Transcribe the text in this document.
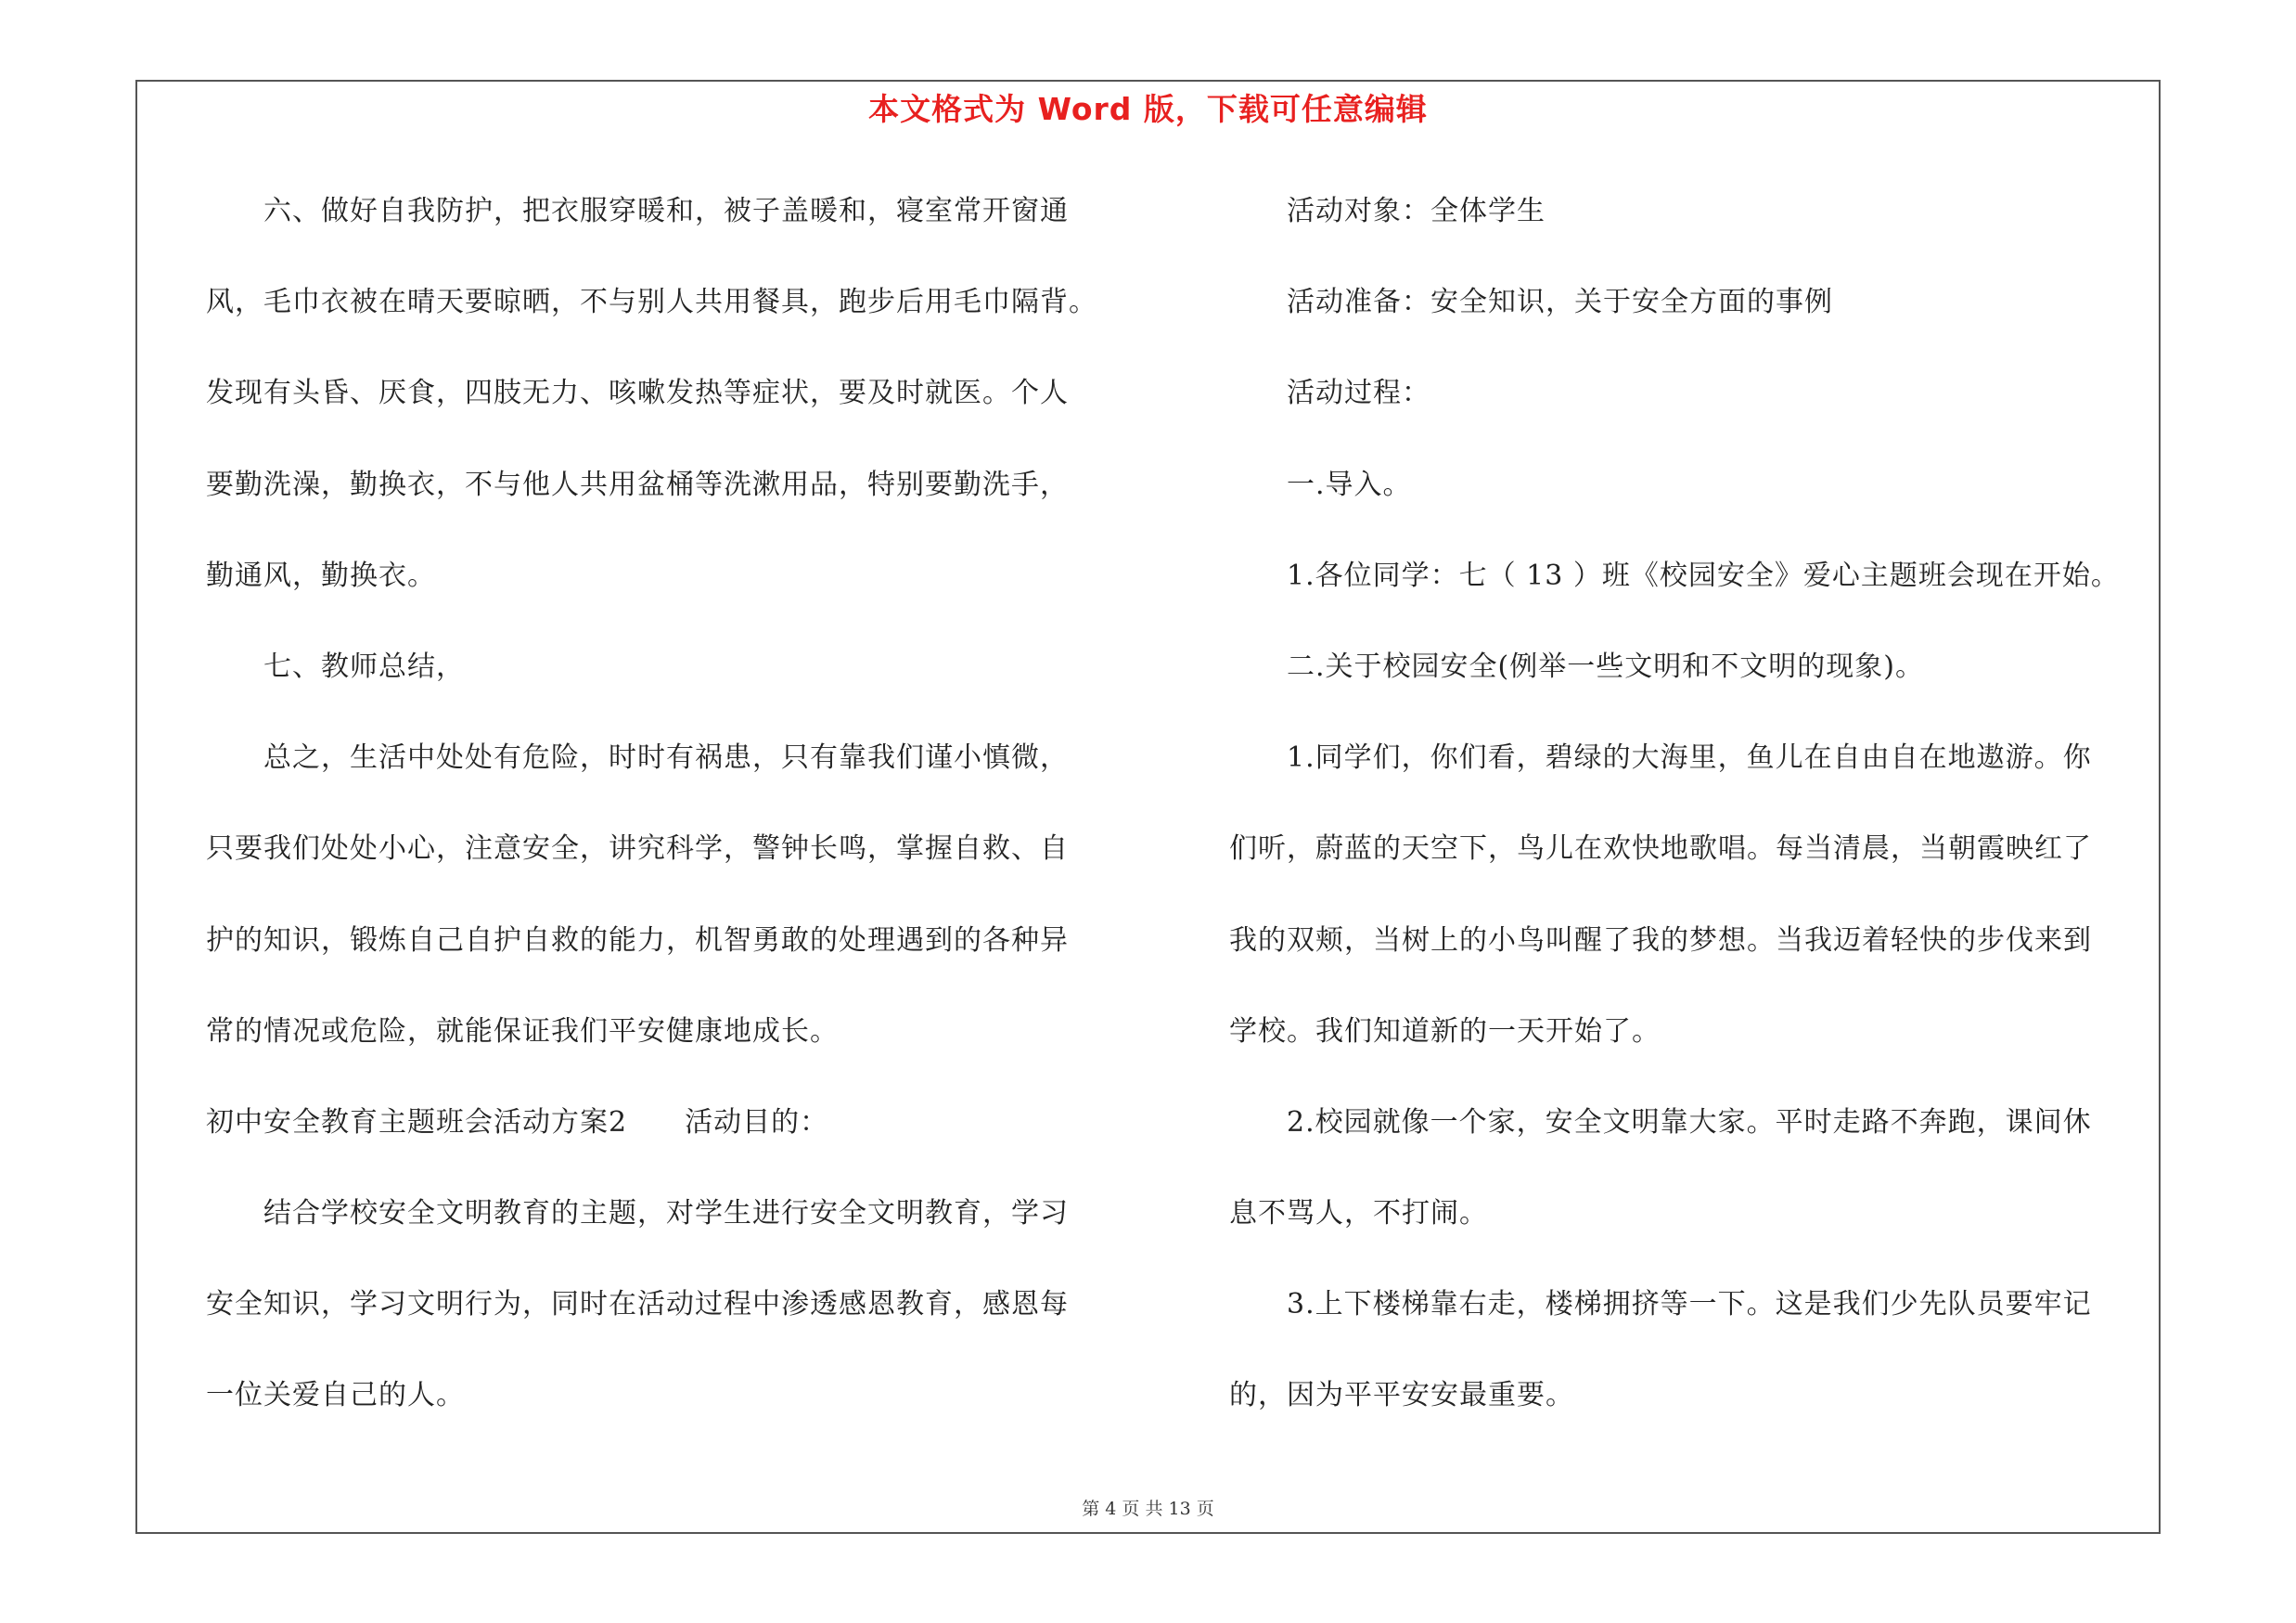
本文格式为 Word 版，下载可任意编辑
　　六、做好自我防护，把衣服穿暖和，被子盖暖和，寝室常开窗通
风，毛巾衣被在晴天要晾晒，不与别人共用餐具，跑步后用毛巾隔背。
发现有头昏、厌食，四肢无力、咳嗽发热等症状，要及时就医。个人
要勤洗澡，勤换衣，不与他人共用盆桶等洗漱用品，特别要勤洗手，
勤通风，勤换衣。
　　七、教师总结，
　　总之，生活中处处有危险，时时有祸患，只有靠我们谨小慎微，
只要我们处处小心，注意安全，讲究科学，警钟长鸣，掌握自救、自
护的知识，锻炼自己自护自救的能力，机智勇敢的处理遇到的各种异
常的情况或危险，就能保证我们平安健康地成长。
初中安全教育主题班会活动方案2　　活动目的：
　　结合学校安全文明教育的主题，对学生进行安全文明教育，学习
安全知识，学习文明行为，同时在活动过程中渗透感恩教育，感恩每
一位关爱自己的人。
　　活动对象：全体学生
　　活动准备：安全知识，关于安全方面的事例
　　活动过程：
　　一.导入。
　　1.各位同学：七（ 13 ）班《校园安全》爱心主题班会现在开始。
　　二.关于校园安全(例举一些文明和不文明的现象)。
　　1.同学们，你们看，碧绿的大海里，鱼儿在自由自在地遨游。你
们听，蔚蓝的天空下，鸟儿在欢快地歌唱。每当清晨，当朝霞映红了
我的双颊，当树上的小鸟叫醒了我的梦想。当我迈着轻快的步伐来到
学校。我们知道新的一天开始了。
　　2.校园就像一个家，安全文明靠大家。平时走路不奔跑，课间休
息不骂人，不打闹。
　　3.上下楼梯靠右走，楼梯拥挤等一下。这是我们少先队员要牢记
的，因为平平安安最重要。
第 4 页 共 13 页
